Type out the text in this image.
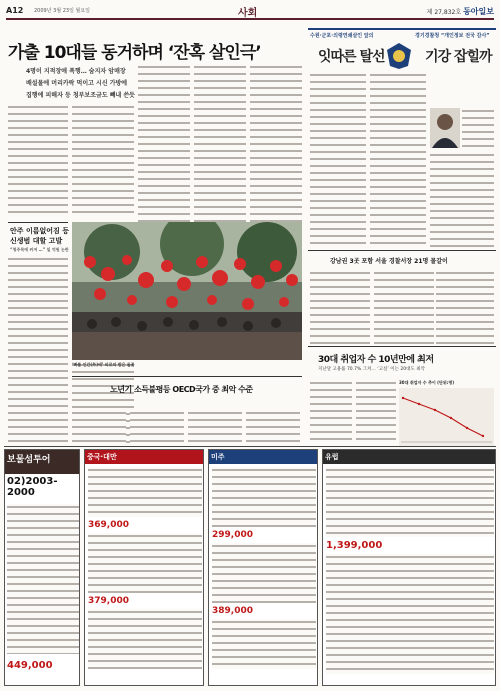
A12 2009년 3월 23일 월요일	사회	제 27,832호 동아일보
가출 10대들 동거하며 ‘잔혹 살인극’
4명이 지적장애 폭행… 숨지자 암매장
배설물에 머리카락 먹이고 시신 가방에
집행에 피해자 등 청부보조금도 빼내 쓴듯
안주 이름없어짐 등
신생범 대할 고발
“청주목에 커져 …” 일 억원 논란
‘빠를 인간(外)에’ 피로의 밤은 둘꽃
노년기 소득불평등 OECD국가 중 최악 수준
수원·군포·의령연쇄살인 앞의	경기경찰청 “개인정보 전국 감사”
잇따른 탈선	기강 잡힐까
강남권 3곳 포함 서울 경찰서장 21명 물갈이
30대 취업자 수 10년만에 최저
지난달 고용률 70.7% 그쳐… ‘고실’ 이는 20대도 최악
30대 취업자 수 추이 (단위:명)
보물섬투어
02)2003-2000
449,000
중국·대만
369,000
379,000
미주
299,000
389,000
유럽
1,399,000
